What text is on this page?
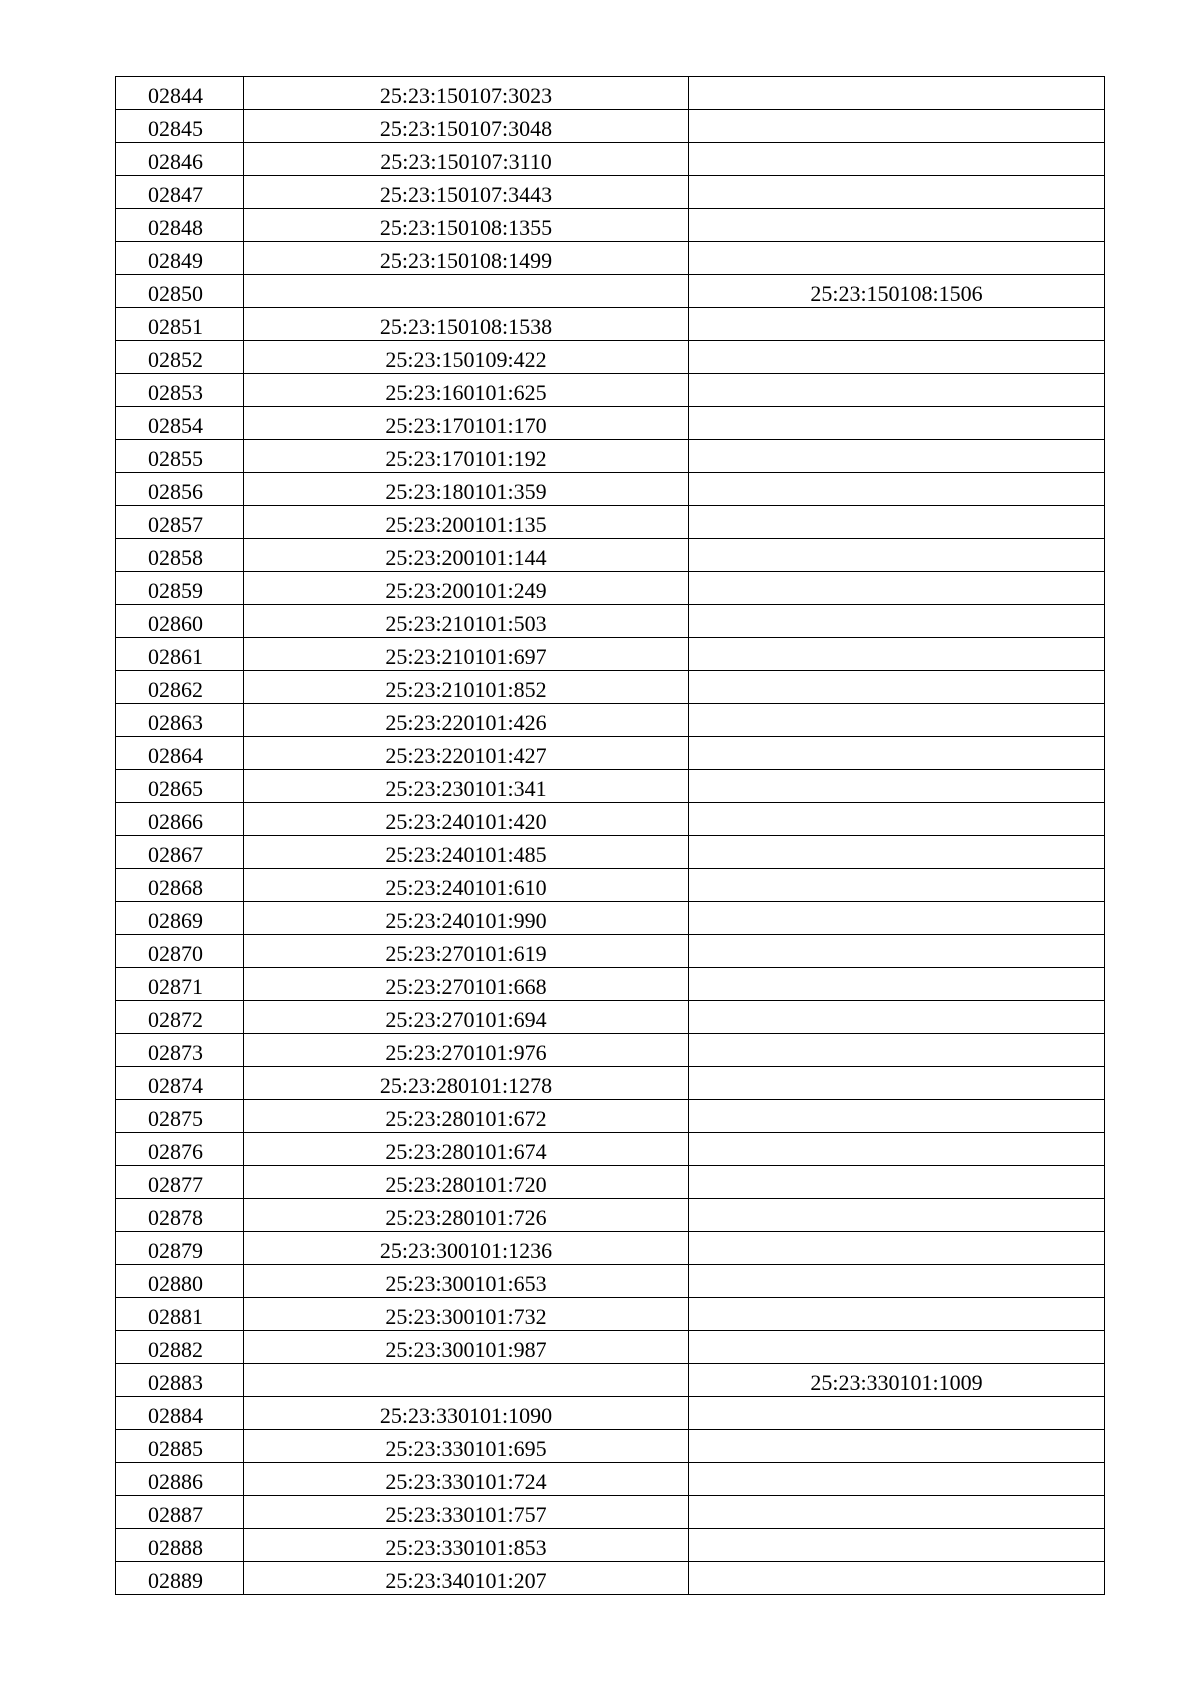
02844	25:23:150107:3023	
02845	25:23:150107:3048	
02846	25:23:150107:3110	
02847	25:23:150107:3443	
02848	25:23:150108:1355	
02849	25:23:150108:1499	
02850		25:23:150108:1506
02851	25:23:150108:1538	
02852	25:23:150109:422	
02853	25:23:160101:625	
02854	25:23:170101:170	
02855	25:23:170101:192	
02856	25:23:180101:359	
02857	25:23:200101:135	
02858	25:23:200101:144	
02859	25:23:200101:249	
02860	25:23:210101:503	
02861	25:23:210101:697	
02862	25:23:210101:852	
02863	25:23:220101:426	
02864	25:23:220101:427	
02865	25:23:230101:341	
02866	25:23:240101:420	
02867	25:23:240101:485	
02868	25:23:240101:610	
02869	25:23:240101:990	
02870	25:23:270101:619	
02871	25:23:270101:668	
02872	25:23:270101:694	
02873	25:23:270101:976	
02874	25:23:280101:1278	
02875	25:23:280101:672	
02876	25:23:280101:674	
02877	25:23:280101:720	
02878	25:23:280101:726	
02879	25:23:300101:1236	
02880	25:23:300101:653	
02881	25:23:300101:732	
02882	25:23:300101:987	
02883		25:23:330101:1009
02884	25:23:330101:1090	
02885	25:23:330101:695	
02886	25:23:330101:724	
02887	25:23:330101:757	
02888	25:23:330101:853	
02889	25:23:340101:207	
